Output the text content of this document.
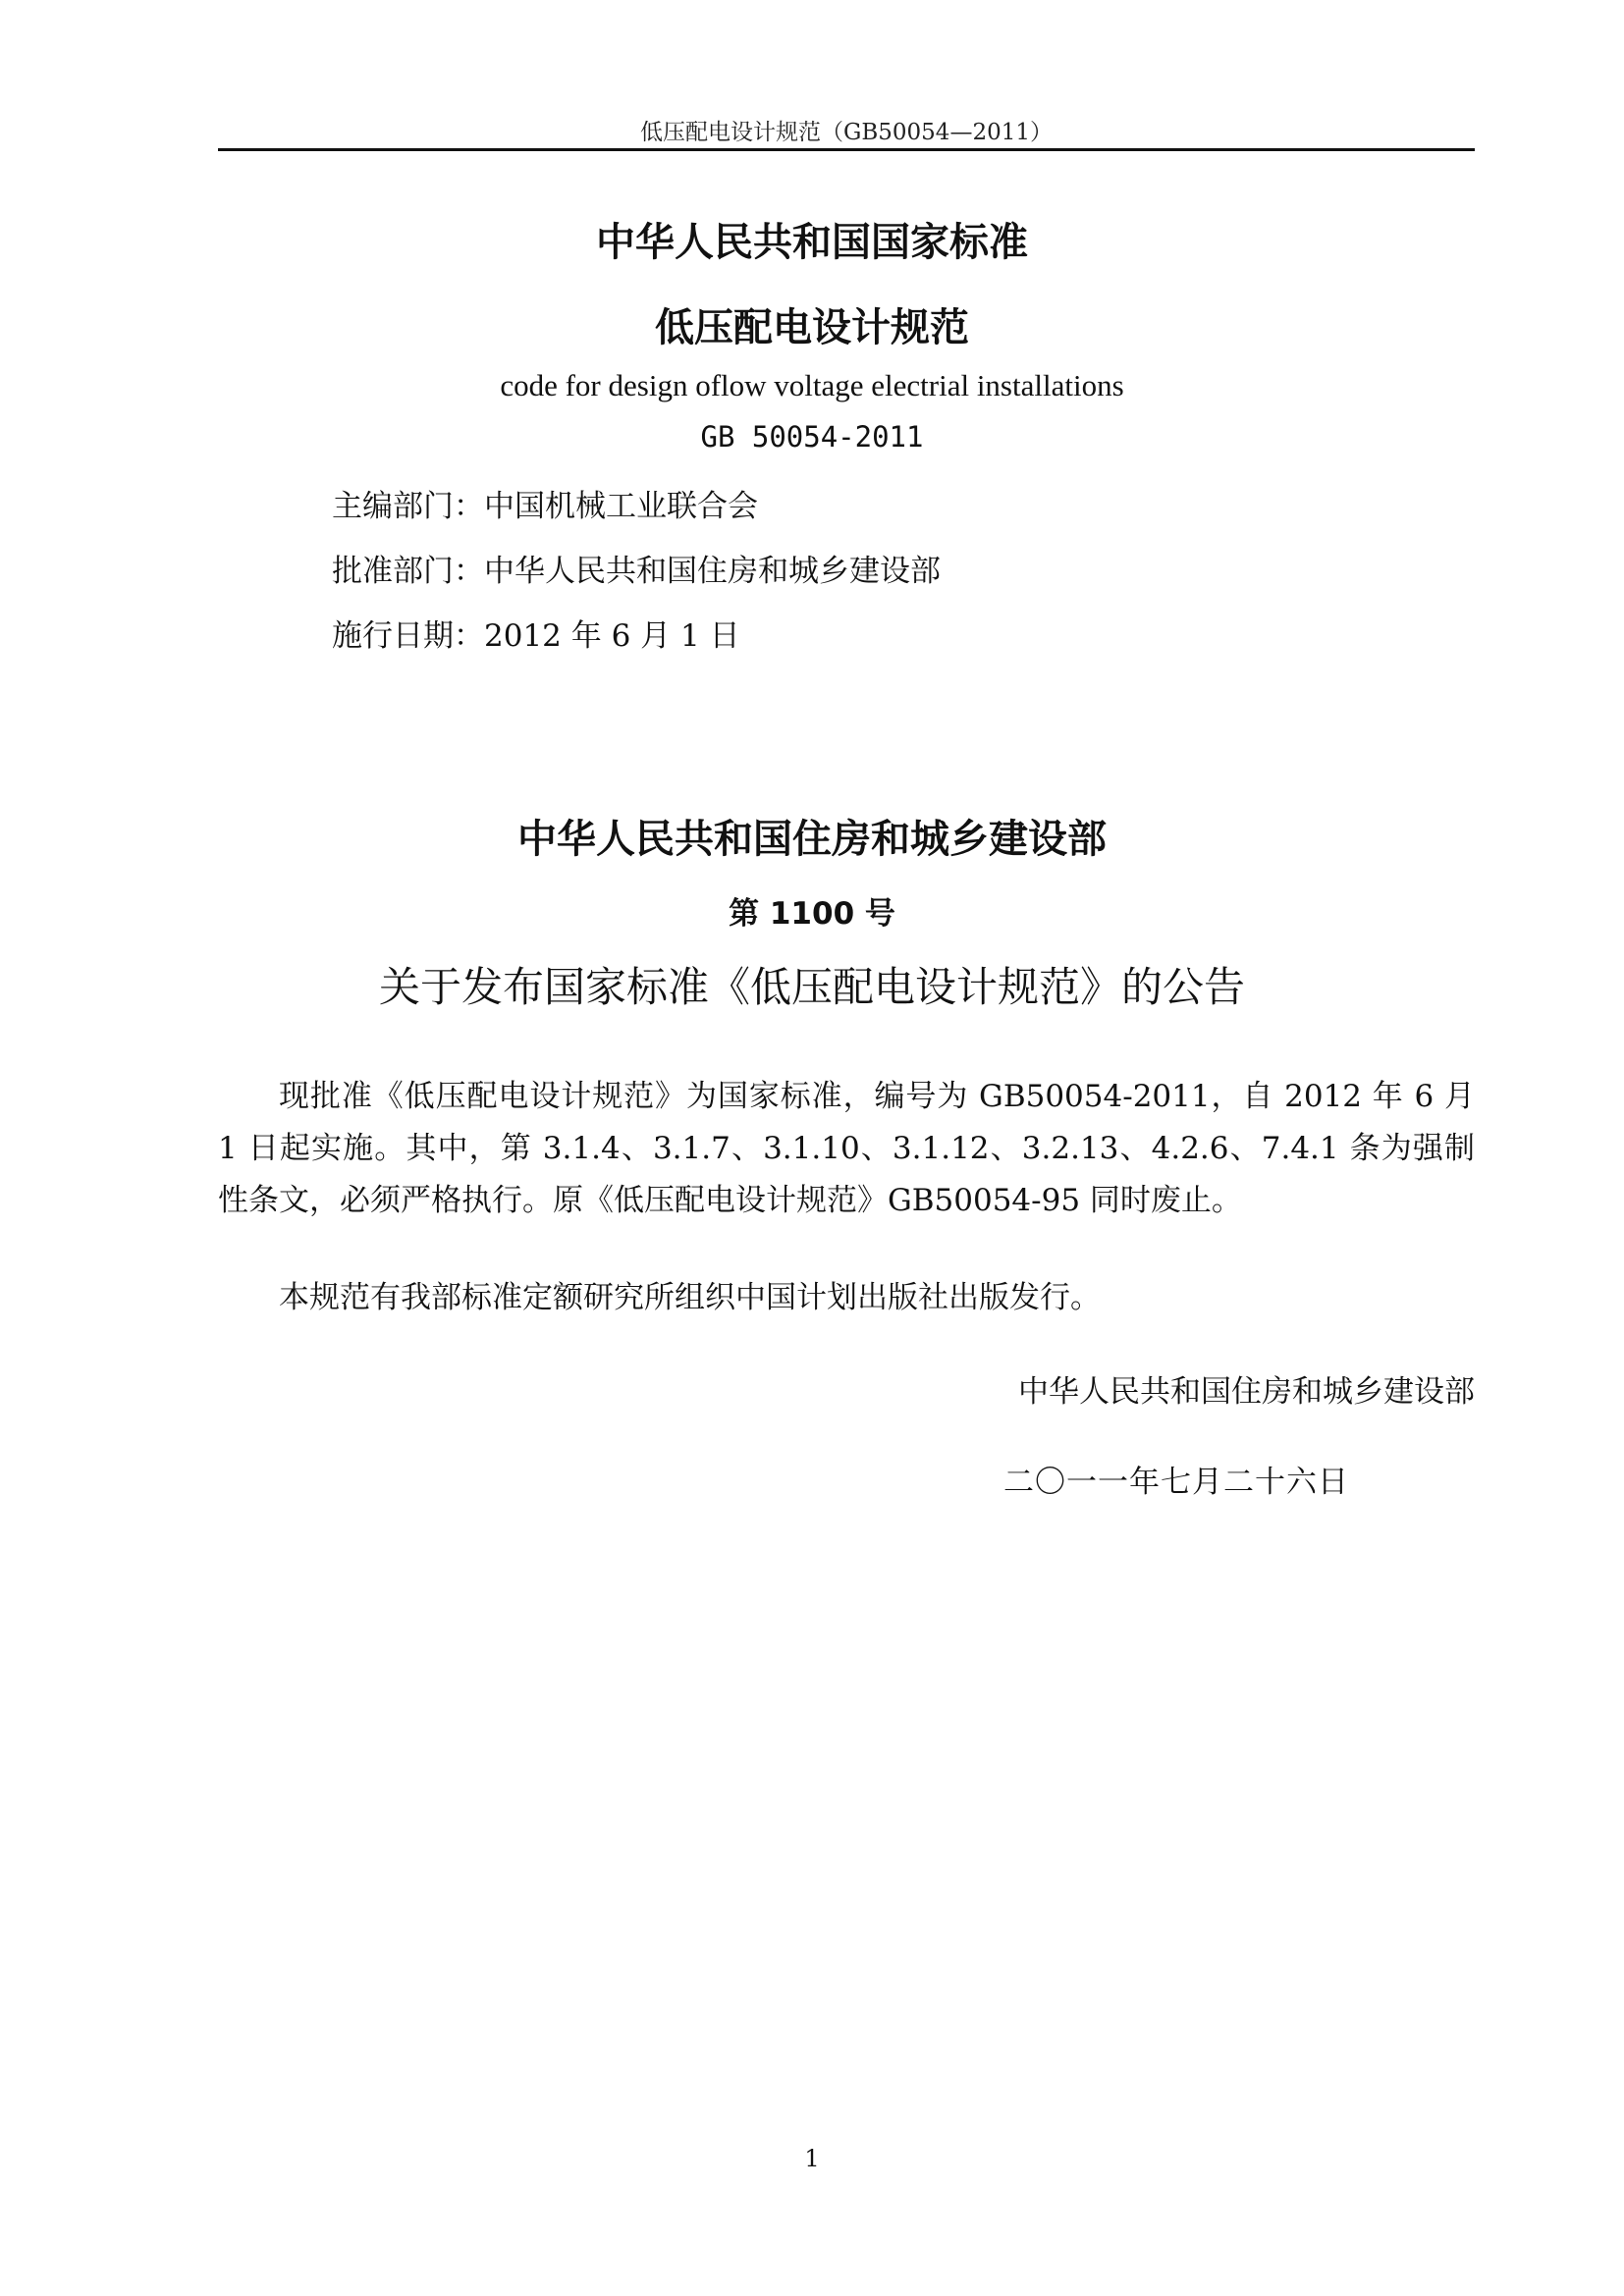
低压配电设计规范（GB50054—2011）
中华人民共和国国家标准
低压配电设计规范
code for design oflow voltage electrial installations
GB 50054-2011
主编部门：中国机械工业联合会
批准部门：中华人民共和国住房和城乡建设部
施行日期：2012 年 6 月 1 日
中华人民共和国住房和城乡建设部
第 1100 号
关于发布国家标准《低压配电设计规范》的公告

现批准《低压配电设计规范》为国家标准，编号为 GB50054-2011，自 2012 年 6 月 1 日起实施。其中，第 3.1.4、3.1.7、3.1.10、3.1.12、3.2.13、4.2.6、7.4.1 条为强制性条文，必须严格执行。原《低压配电设计规范》GB50054-95 同时废止。

本规范有我部标准定额研究所组织中国计划出版社出版发行。

中华人民共和国住房和城乡建设部
二〇一一年七月二十六日
1
